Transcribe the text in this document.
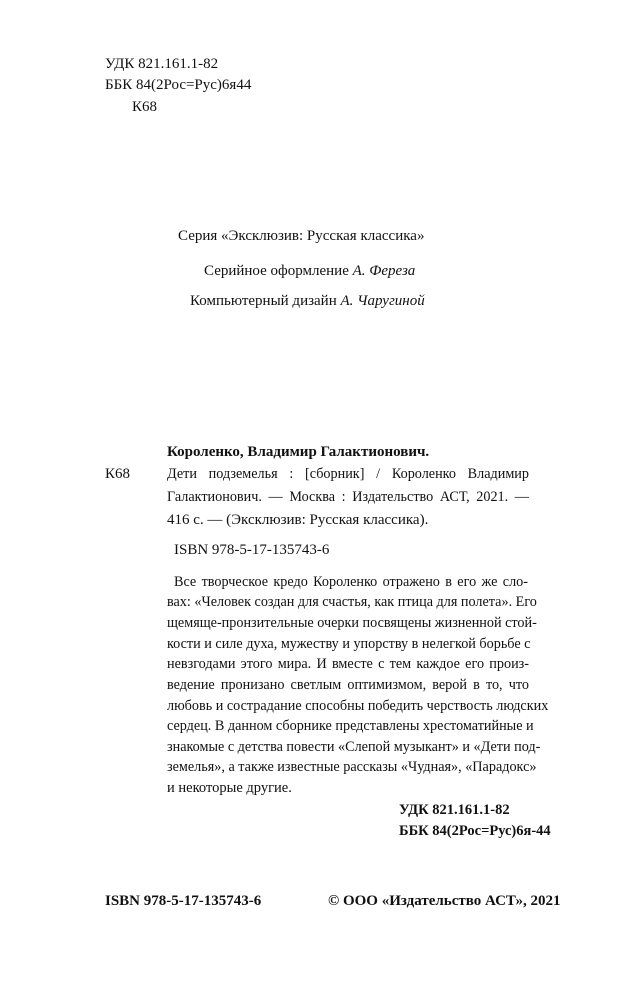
УДК 821.161.1-82
ББК 84(2Рос=Рус)6я44
К68
Серия «Эксклюзив: Русская классика»
Серийное оформление А. Фереза
Компьютерный дизайн А. Чаругиной
Короленко, Владимир Галактионович.
К68	Дети подземелья : [сборник] / Короленко Владимир
Галактионович. — Москва : Издательство АСТ, 2021. —
416 с. — (Эксклюзив: Русская классика).
ISBN 978-5-17-135743-6
Все творческое кредо Короленко отражено в его же сло-
вах: «Человек создан для счастья, как птица для полета». Его
щемяще-пронзительные очерки посвящены жизненной стой-
кости и силе духа, мужеству и упорству в нелегкой борьбе с
невзгодами этого мира. И вместе с тем каждое его произ-
ведение пронизано светлым оптимизмом, верой в то, что
любовь и сострадание способны победить черствость людских
сердец. В данном сборнике представлены хрестоматийные и
знакомые с детства повести «Слепой музыкант» и «Дети под-
земелья», а также известные рассказы «Чудная», «Парадокс»
и некоторые другие.
УДК 821.161.1-82
ББК 84(2Рос=Рус)6я-44
ISBN 978-5-17-135743-6	© ООО «Издательство АСТ», 2021
